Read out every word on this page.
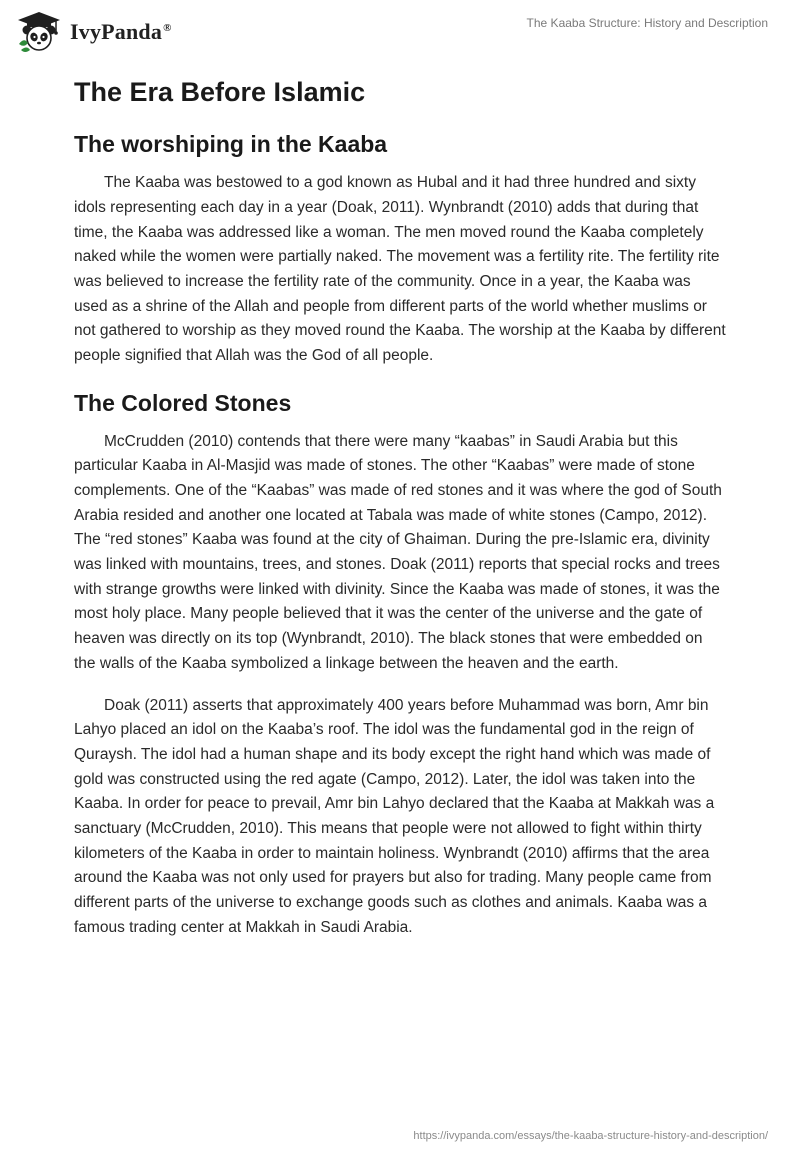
IvyPanda®	The Kaaba Structure: History and Description
The Era Before Islamic
The worshiping in the Kaaba

The Kaaba was bestowed to a god known as Hubal and it had three hundred and sixty idols representing each day in a year (Doak, 2011). Wynbrandt (2010) adds that during that time, the Kaaba was addressed like a woman. The men moved round the Kaaba completely naked while the women were partially naked. The movement was a fertility rite. The fertility rite was believed to increase the fertility rate of the community. Once in a year, the Kaaba was used as a shrine of the Allah and people from different parts of the world whether muslims or not gathered to worship as they moved round the Kaaba. The worship at the Kaaba by different people signified that Allah was the God of all people.

The Colored Stones

McCrudden (2010) contends that there were many “kaabas” in Saudi Arabia but this particular Kaaba in Al-Masjid was made of stones. The other “Kaabas” were made of stone complements. One of the “Kaabas” was made of red stones and it was where the god of South Arabia resided and another one located at Tabala was made of white stones (Campo, 2012). The “red stones” Kaaba was found at the city of Ghaiman. During the pre-Islamic era, divinity was linked with mountains, trees, and stones. Doak (2011) reports that special rocks and trees with strange growths were linked with divinity. Since the Kaaba was made of stones, it was the most holy place. Many people believed that it was the center of the universe and the gate of heaven was directly on its top (Wynbrandt, 2010). The black stones that were embedded on the walls of the Kaaba symbolized a linkage between the heaven and the earth.

Doak (2011) asserts that approximately 400 years before Muhammad was born, Amr bin Lahyo placed an idol on the Kaaba’s roof. The idol was the fundamental god in the reign of Quraysh. The idol had a human shape and its body except the right hand which was made of gold was constructed using the red agate (Campo, 2012). Later, the idol was taken into the Kaaba. In order for peace to prevail, Amr bin Lahyo declared that the Kaaba at Makkah was a sanctuary (McCrudden, 2010). This means that people were not allowed to fight within thirty kilometers of the Kaaba in order to maintain holiness. Wynbrandt (2010) affirms that the area around the Kaaba was not only used for prayers but also for trading. Many people came from different parts of the universe to exchange goods such as clothes and animals. Kaaba was a famous trading center at Makkah in Saudi Arabia.

https://ivypanda.com/essays/the-kaaba-structure-history-and-description/
